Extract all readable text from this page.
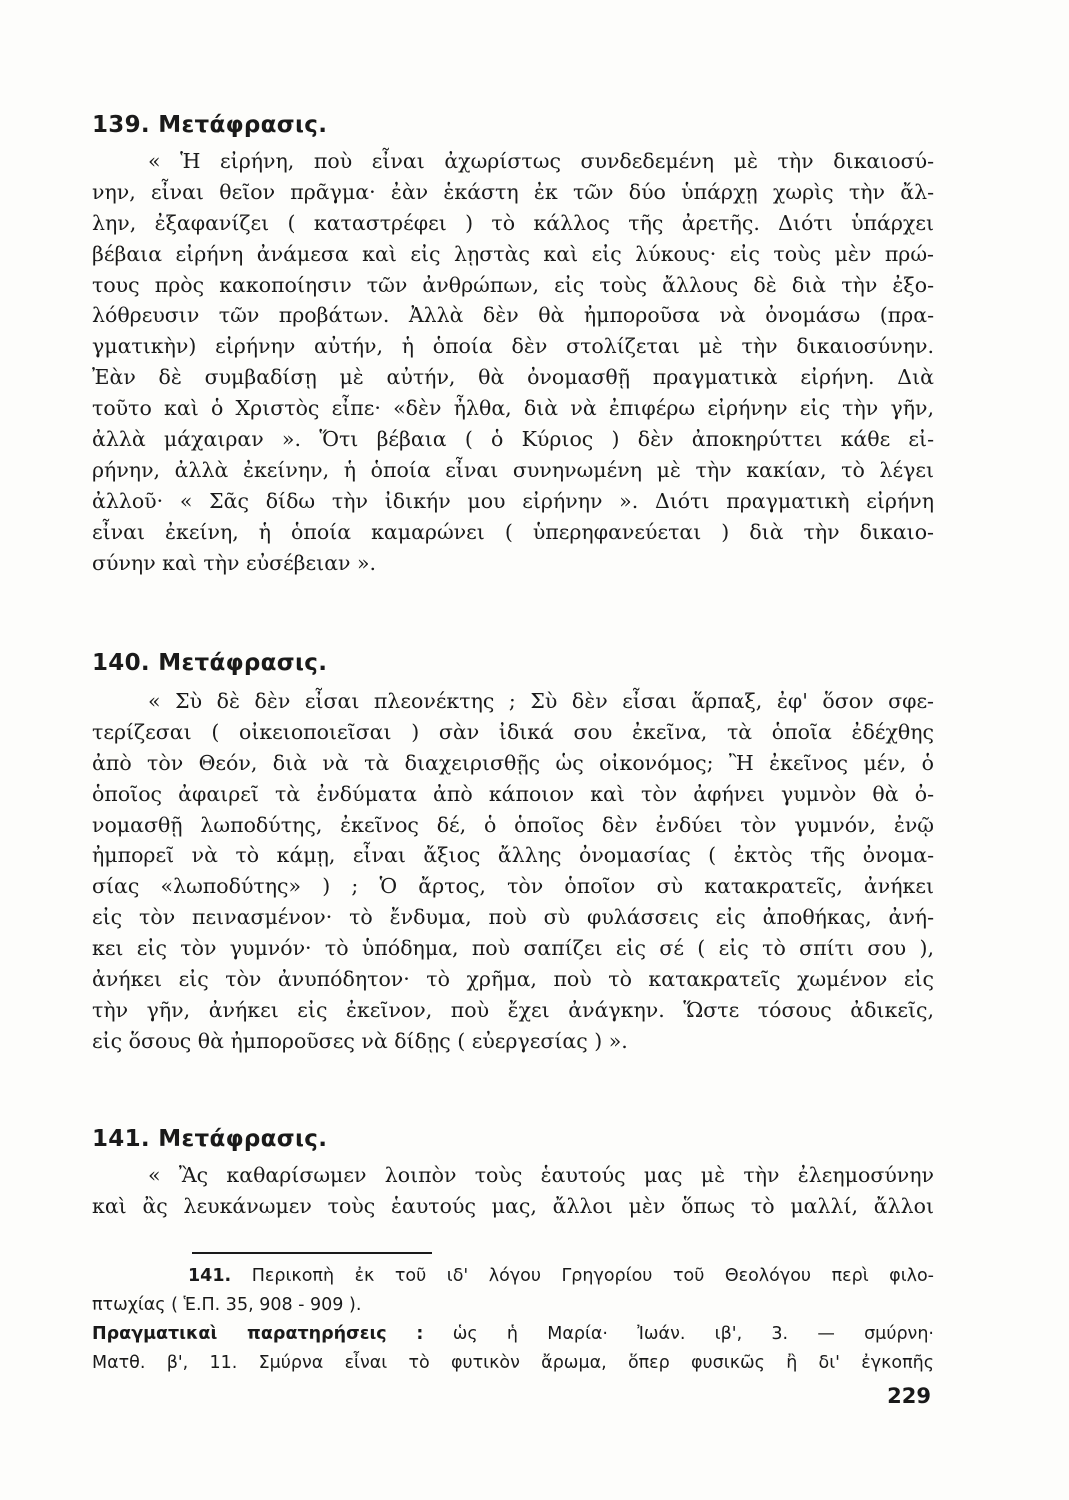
139. Μετάφρασις.
« Ἡ εἰρήνη, ποὺ εἶναι ἀχωρίστως συνδεδεμένη μὲ τὴν δικαιοσύ-
νην, εἶναι θεῖον πρᾶγμα· ἐὰν ἑκάστη ἐκ τῶν δύο ὑπάρχῃ χωρὶς τὴν ἄλ-
λην, ἐξαφανίζει ( καταστρέφει ) τὸ κάλλος τῆς ἀρετῆς. Διότι ὑπάρχει
βέβαια εἰρήνη ἀνάμεσα καὶ εἰς λῃστὰς καὶ εἰς λύκους· εἰς τοὺς μὲν πρώ-
τους πρὸς κακοποίησιν τῶν ἀνθρώπων, εἰς τοὺς ἄλλους δὲ διὰ τὴν ἐξο-
λόθρευσιν τῶν προβάτων. Ἀλλὰ δὲν θὰ ἠμποροῦσα νὰ ὀνομάσω (πρα-
γματικὴν) εἰρήνην αὐτήν, ἡ ὁποία δὲν στολίζεται μὲ τὴν δικαιοσύνην.
Ἐὰν δὲ συμβαδίσῃ μὲ αὐτήν, θὰ ὀνομασθῇ πραγματικὰ εἰρήνη. Διὰ
τοῦτο καὶ ὁ Χριστὸς εἶπε· «δὲν ἦλθα, διὰ νὰ ἐπιφέρω εἰρήνην εἰς τὴν γῆν,
ἀλλὰ μάχαιραν ». Ὅτι βέβαια ( ὁ Κύριος ) δὲν ἀποκηρύττει κάθε εἰ-
ρήνην, ἀλλὰ ἐκείνην, ἡ ὁποία εἶναι συνηνωμένη μὲ τὴν κακίαν, τὸ λέγει
ἀλλοῦ· « Σᾶς δίδω τὴν ἰδικήν μου εἰρήνην ». Διότι πραγματικὴ εἰρήνη
εἶναι ἐκείνη, ἡ ὁποία καμαρώνει ( ὑπερηφανεύεται ) διὰ τὴν δικαιο-
σύνην καὶ τὴν εὐσέβειαν ».
140. Μετάφρασις.
« Σὺ δὲ δὲν εἶσαι πλεονέκτης ; Σὺ δὲν εἶσαι ἅρπαξ, ἐφ' ὅσον σφε-
τερίζεσαι ( οἰκειοποιεῖσαι ) σὰν ἰδικά σου ἐκεῖνα, τὰ ὁποῖα ἐδέχθης
ἀπὸ τὸν Θεόν, διὰ νὰ τὰ διαχειρισθῇς ὡς οἰκονόμος; Ἢ ἐκεῖνος μέν, ὁ
ὁποῖος ἀφαιρεῖ τὰ ἐνδύματα ἀπὸ κάποιον καὶ τὸν ἀφήνει γυμνὸν θὰ ὀ-
νομασθῇ λωποδύτης, ἐκεῖνος δέ, ὁ ὁποῖος δὲν ἐνδύει τὸν γυμνόν, ἐνῷ
ἠμπορεῖ νὰ τὸ κάμῃ, εἶναι ἄξιος ἄλλης ὀνομασίας ( ἐκτὸς τῆς ὀνομα-
σίας «λωποδύτης» ) ; Ὁ ἄρτος, τὸν ὁποῖον σὺ κατακρατεῖς, ἀνήκει
εἰς τὸν πεινασμένον· τὸ ἔνδυμα, ποὺ σὺ φυλάσσεις εἰς ἀποθήκας, ἀνή-
κει εἰς τὸν γυμνόν· τὸ ὑπόδημα, ποὺ σαπίζει εἰς σέ ( εἰς τὸ σπίτι σου ),
ἀνήκει εἰς τὸν ἀνυπόδητον· τὸ χρῆμα, ποὺ τὸ κατακρατεῖς χωμένον εἰς
τὴν γῆν, ἀνήκει εἰς ἐκεῖνον, ποὺ ἔχει ἀνάγκην. Ὥστε τόσους ἀδικεῖς,
εἰς ὅσους θὰ ἠμποροῦσες νὰ δίδῃς ( εὐεργεσίας ) ».
141. Μετάφρασις.
« Ἂς καθαρίσωμεν λοιπὸν τοὺς ἑαυτούς μας μὲ τὴν ἐλεημοσύνην
καὶ ἂς λευκάνωμεν τοὺς ἑαυτούς μας, ἄλλοι μὲν ὅπως τὸ μαλλί, ἄλλοι
141. Περικοπὴ ἐκ τοῦ ιδ' λόγου Γρηγορίου τοῦ Θεολόγου περὶ φιλο-
πτωχίας ( Ἑ.Π. 35, 908 - 909 ).
Πραγματικαὶ παρατηρήσεις : ὡς ἡ Μαρία· Ἰωάν. ιβ', 3. — σμύρνη·
Ματθ. β', 11. Σμύρνα εἶναι τὸ φυτικὸν ἄρωμα, ὅπερ φυσικῶς ἢ δι' ἐγκοπῆς
229
